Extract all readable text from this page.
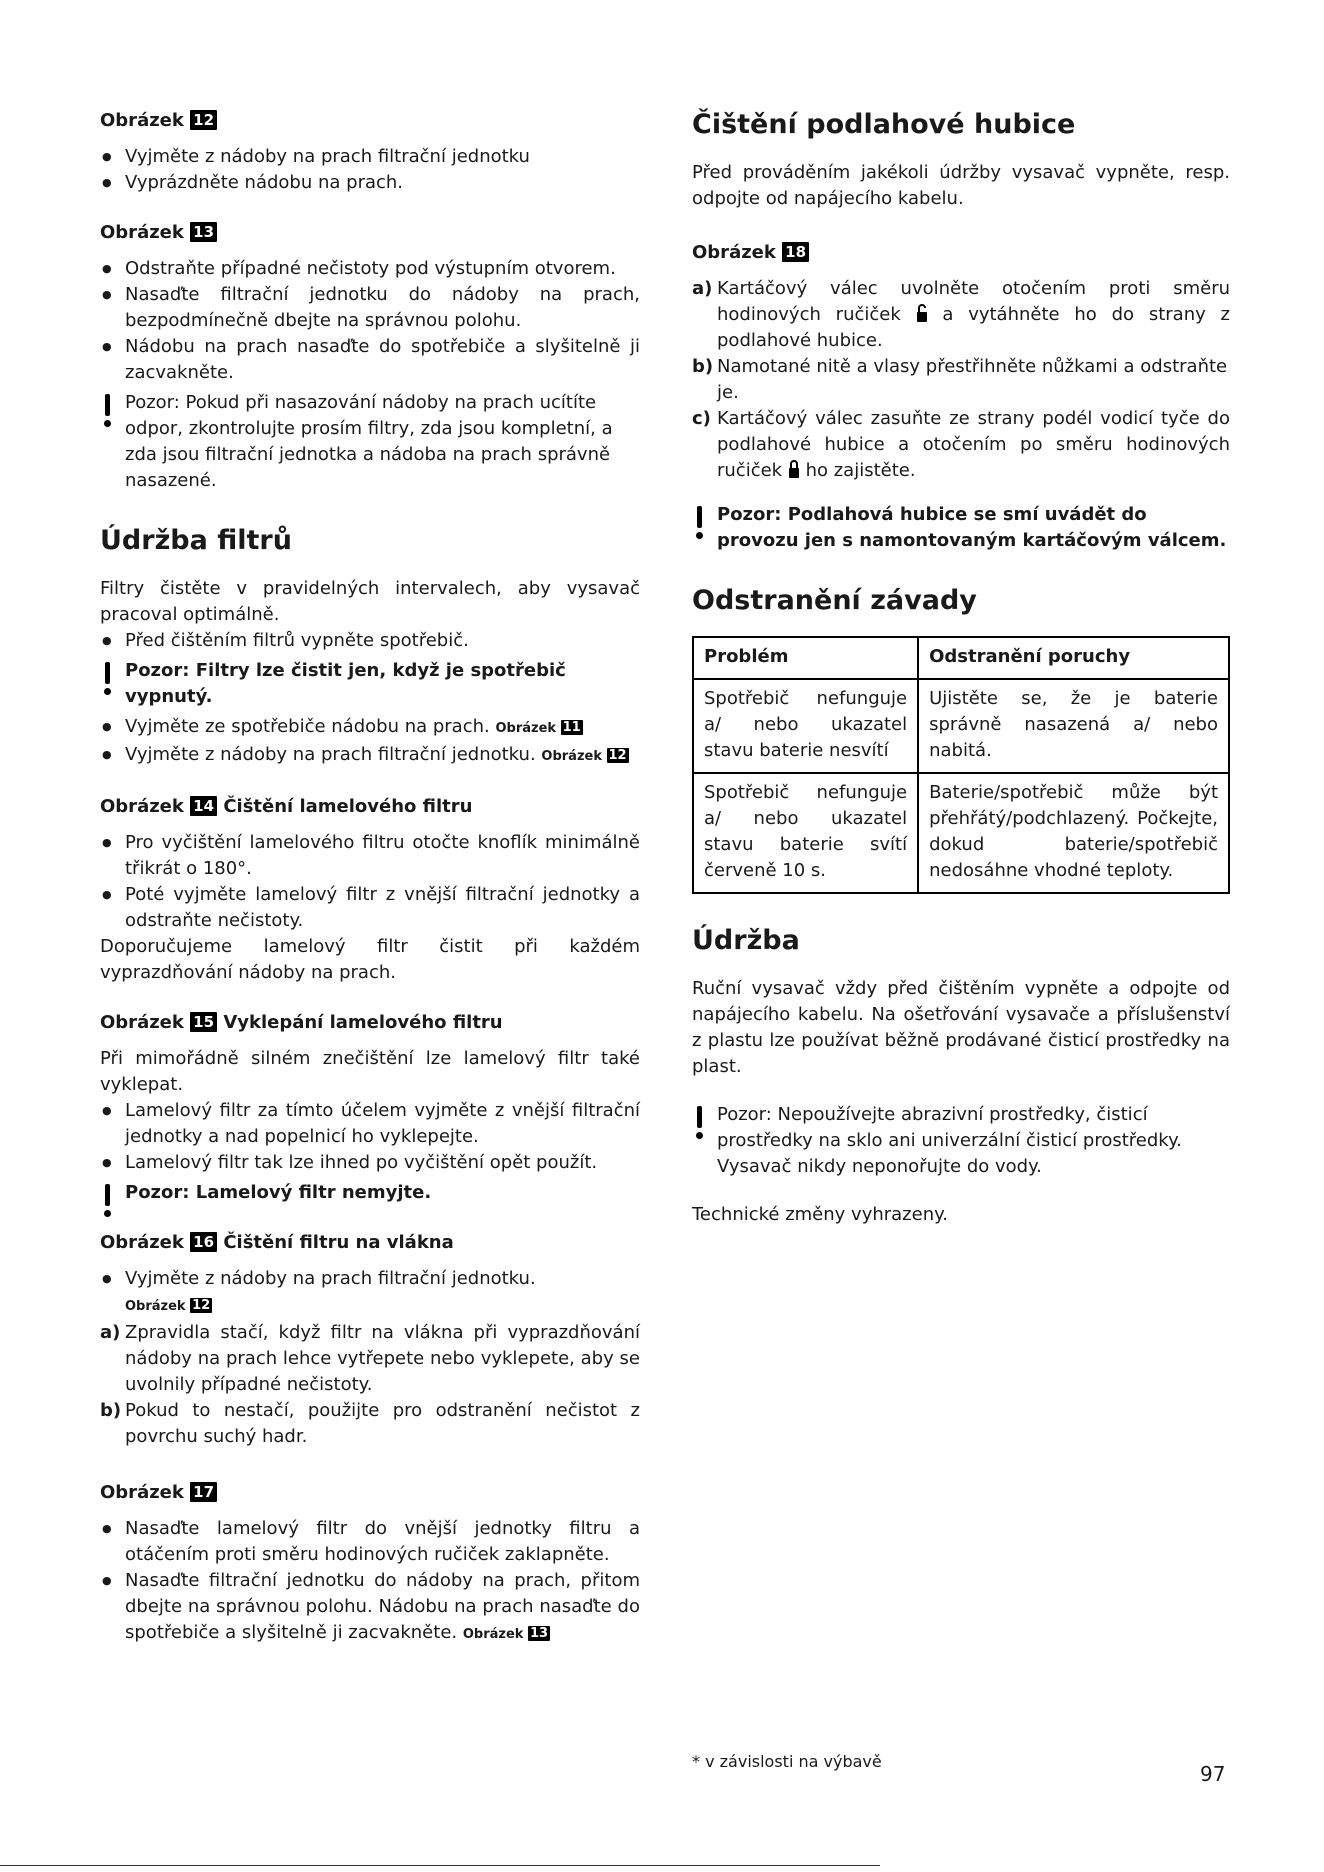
Obrázek 12
● Vyjměte z nádoby na prach filtrační jednotku
● Vyprázdněte nádobu na prach.
Obrázek 13
● Odstraňte případné nečistoty pod výstupním otvorem.
● Nasaďte filtrační jednotku do nádoby na prach, bezpodmínečně dbejte na správnou polohu.
● Nádobu na prach nasaďte do spotřebiče a slyšitelně ji zacvakněte.
Pozor: Pokud při nasazování nádoby na prach ucítíte odpor, zkontrolujte prosím filtry, zda jsou kompletní, a zda jsou filtrační jednotka a nádoba na prach správně nasazené.
Údržba filtrů

Filtry čistěte v pravidelných intervalech, aby vysavač pracoval optimálně.

● Před čištěním filtrů vypněte spotřebič.
Pozor: Filtry lze čistit jen, když je spotřebič vypnutý.
● Vyjměte ze spotřebiče nádobu na prach. Obrázek 11
● Vyjměte z nádoby na prach filtrační jednotku. Obrázek 12
Obrázek 14 Čištění lamelového filtru
● Pro vyčištění lamelového filtru otočte knoflík minimálně třikrát o 180°.
● Poté vyjměte lamelový filtr z vnější filtrační jednotky a odstraňte nečistoty.

Doporučujeme lamelový filtr čistit při každém vyprazdňování nádoby na prach.

Obrázek 15 Vyklepání lamelového filtru

Při mimořádně silném znečištění lze lamelový filtr také vyklepat.

● Lamelový filtr za tímto účelem vyjměte z vnější filtrační jednotky a nad popelnicí ho vyklepejte.
● Lamelový filtr tak lze ihned po vyčištění opět použít.
Pozor: Lamelový filtr nemyjte.
Obrázek 16 Čištění filtru na vlákna
● Vyjměte z nádoby na prach filtrační jednotku.
Obrázek 12
a) Zpravidla stačí, když filtr na vlákna při vyprazdňování nádoby na prach lehce vytřepete nebo vyklepete, aby se uvolnily případné nečistoty.
b) Pokud to nestačí, použijte pro odstranění nečistot z povrchu suchý hadr.
Obrázek 17
● Nasaďte lamelový filtr do vnější jednotky filtru a otáčením proti směru hodinových ručiček zaklapněte.
● Nasaďte filtrační jednotku do nádoby na prach, přitom dbejte na správnou polohu. Nádobu na prach nasaďte do spotřebiče a slyšitelně ji zacvakněte. Obrázek 13
Čištění podlahové hubice

Před prováděním jakékoli údržby vysavač vypněte, resp. odpojte od napájecího kabelu.

Obrázek 18
a) Kartáčový válec uvolněte otočením proti směru hodinových ručiček a vytáhněte ho do strany z podlahové hubice.
b) Namotané nitě a vlasy přestřihněte nůžkami a odstraňte je.
c) Kartáčový válec zasuňte ze strany podél vodicí tyče do podlahové hubice a otočením po směru hodinových ručiček ho zajistěte.
Pozor: Podlahová hubice se smí uvádět do provozu jen s namontovaným kartáčovým válcem.
Odstranění závady
Problém	Odstranění poruchy
Spotřebič nefunguje a/ nebo ukazatel stavu baterie nesvítí	Ujistěte se, že je baterie správně nasazená a/ nebo nabitá.
Spotřebič nefunguje a/ nebo ukazatel stavu baterie svítí červeně 10 s.	Baterie/spotřebič může být přehřátý/podchlazený. Počkejte, dokud baterie/spotřebič nedosáhne vhodné teploty.
Údržba

Ruční vysavač vždy před čištěním vypněte a odpojte od napájecího kabelu. Na ošetřování vysavače a příslušenství z plastu lze používat běžně prodávané čisticí prostředky na plast.

Pozor: Nepoužívejte abrazivní prostředky, čisticí prostředky na sklo ani univerzální čisticí prostředky. Vysavač nikdy neponořujte do vody.

Technické změny vyhrazeny.

* v závislosti na výbavě
97
